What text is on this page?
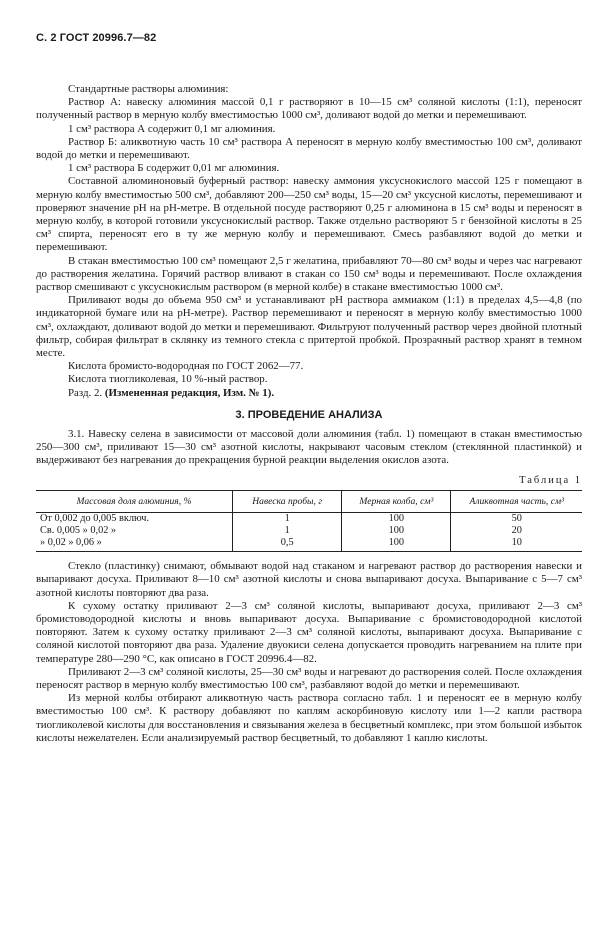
С. 2 ГОСТ 20996.7—82

Стандартные растворы алюминия:

Раствор А: навеску алюминия массой 0,1 г растворяют в 10—15 см³ соляной кислоты (1:1), переносят полученный раствор в мерную колбу вместимостью 1000 см³, доливают водой до метки и перемешивают.

1 см³ раствора А содержит 0,1 мг алюминия.

Раствор Б: аликвотную часть 10 см³ раствора А переносят в мерную колбу вместимостью 100 см³, доливают водой до метки и перемешивают.

1 см³ раствора Б содержит 0,01 мг алюминия.

Составной алюминоновый буферный раствор: навеску аммония уксуснокислого массой 125 г помещают в мерную колбу вместимостью 500 см³, добавляют 200—250 см³ воды, 15—20 см³ уксусной кислоты, перемешивают и проверяют значение pH на pH-метре. В отдельной посуде растворяют 0,25 г алюминона в 15 см³ воды и переносят в мерную колбу, в которой готовили уксуснокислый раствор. Также отдельно растворяют 5 г бензойной кислоты в 25 см³ спирта, переносят его в ту же мерную колбу и перемешивают. Смесь разбавляют водой до метки и перемешивают.

В стакан вместимостью 100 см³ помещают 2,5 г желатина, прибавляют 70—80 см³ воды и через час нагревают до растворения желатина. Горячий раствор вливают в стакан со 150 см³ воды и перемешивают. После охлаждения раствор смешивают с уксуснокислым раствором (в мерной колбе) в стакане вместимостью 1000 см³.

Приливают воды до объема 950 см³ и устанавливают pH раствора аммиаком (1:1) в пределах 4,5—4,8 (по индикаторной бумаге или на pH-метре). Раствор перемешивают и переносят в мерную колбу вместимостью 1000 см³, охлаждают, доливают водой до метки и перемешивают. Фильтруют полученный раствор через двойной плотный фильтр, собирая фильтрат в склянку из темного стекла с притертой пробкой. Прозрачный раствор хранят в темном месте.

Кислота бромисто-водородная по ГОСТ 2062—77.

Кислота тиогликолевая, 10 %-ный раствор.

Разд. 2. (Измененная редакция, Изм. № 1).

3. ПРОВЕДЕНИЕ АНАЛИЗА

3.1. Навеску селена в зависимости от массовой доли алюминия (табл. 1) помещают в стакан вместимостью 250—300 см³, приливают 15—30 см³ азотной кислоты, накрывают часовым стеклом (стеклянной пластинкой) и выдерживают без нагревания до прекращения бурной реакции выделения окислов азота.

Таблица 1

Массовая доля алюминия, %	Навеска пробы, г	Мерная колба, см³	Аликвотная часть, см³
От 0,002 до 0,005 включ.	1	100	50
Св. 0,005 » 0,02 »	1	100	20
» 0,02 » 0,06 »	0,5	100	10

Стекло (пластинку) снимают, обмывают водой над стаканом и нагревают раствор до растворения навески и выпаривают досуха. Приливают 8—10 см³ азотной кислоты и снова выпаривают досуха. Выпаривание с 5—7 см³ азотной кислоты повторяют два раза.

К сухому остатку приливают 2—3 см³ соляной кислоты, выпаривают досуха, приливают 2—3 см³ бромистоводородной кислоты и вновь выпаривают досуха. Выпаривание с бромистоводородной кислотой повторяют. Затем к сухому остатку приливают 2—3 см³ соляной кислоты, выпаривают досуха. Выпаривание с соляной кислотой повторяют два раза. Удаление двуокиси селена допускается проводить нагреванием на плите при температуре 280—290 °С, как описано в ГОСТ 20996.4—82.

Приливают 2—3 см³ соляной кислоты, 25—30 см³ воды и нагревают до растворения солей. После охлаждения переносят раствор в мерную колбу вместимостью 100 см³, разбавляют водой до метки и перемешивают.

Из мерной колбы отбирают аликвотную часть раствора согласно табл. 1 и переносят ее в мерную колбу вместимостью 100 см³. К раствору добавляют по каплям аскорбиновую кислоту или 1—2 капли раствора тиогликолевой кислоты для восстановления и связывания железа в бесцветный комплекс, при этом большой избыток кислоты нежелателен. Если анализируемый раствор бесцветный, то добавляют 1 каплю кислоты.
